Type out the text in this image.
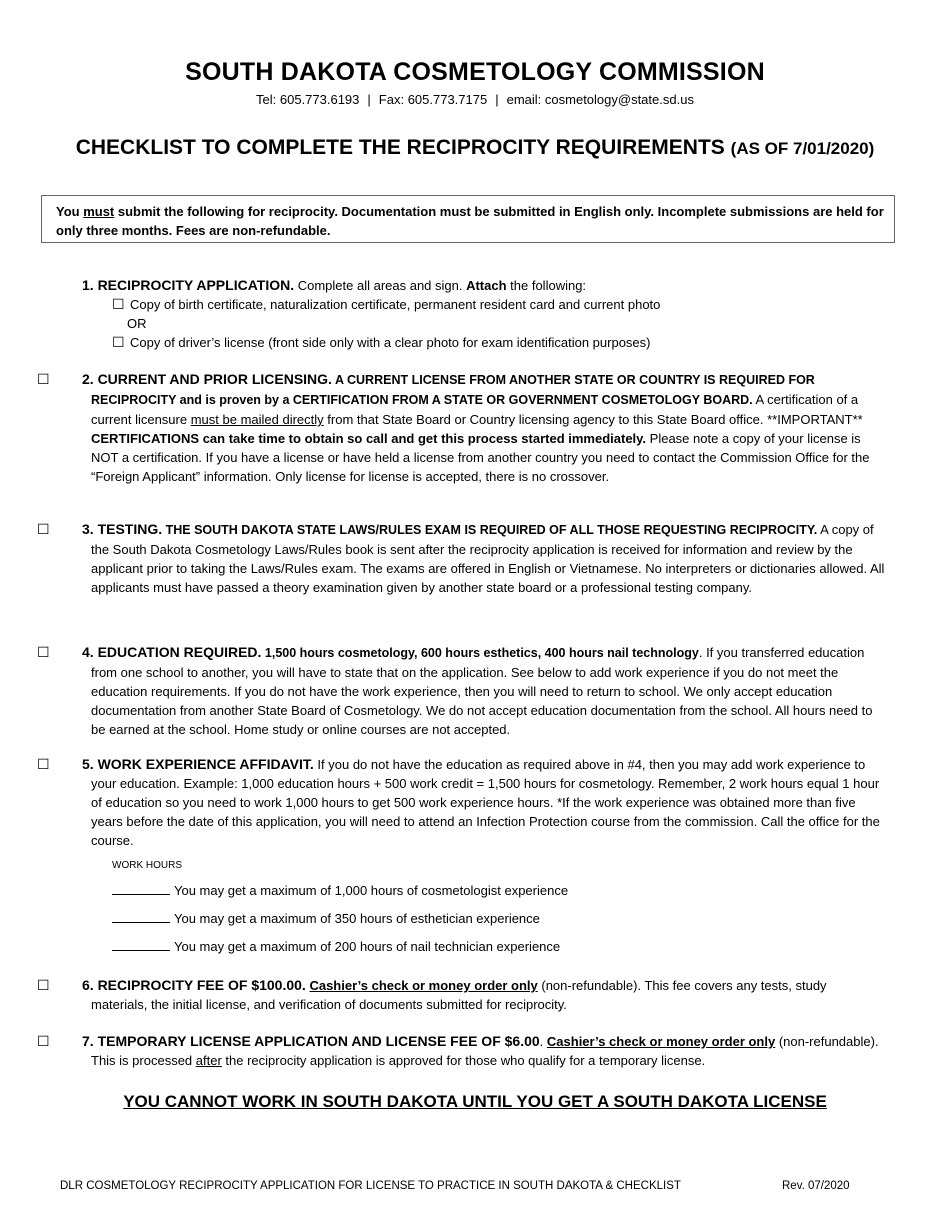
SOUTH DAKOTA COSMETOLOGY COMMISSION
Tel: 605.773.6193 | Fax: 605.773.7175 | email: cosmetology@state.sd.us
CHECKLIST TO COMPLETE THE RECIPROCITY REQUIREMENTS (AS OF 7/01/2020)
You must submit the following for reciprocity. Documentation must be submitted in English only. Incomplete submissions are held for only three months. Fees are non-refundable.
1. RECIPROCITY APPLICATION. Complete all areas and sign. Attach the following:
☐ Copy of birth certificate, naturalization certificate, permanent resident card and current photo
OR
☐ Copy of driver’s license (front side only with a clear photo for exam identification purposes)

☐ 2. CURRENT AND PRIOR LICENSING. A CURRENT LICENSE FROM ANOTHER STATE OR COUNTRY IS REQUIRED FOR RECIPROCITY and is proven by a CERTIFICATION FROM A STATE OR GOVERNMENT COSMETOLOGY BOARD. A certification of a current licensure must be mailed directly from that State Board or Country licensing agency to this State Board office. **IMPORTANT** CERTIFICATIONS can take time to obtain so call and get this process started immediately. Please note a copy of your license is NOT a certification. If you have a license or have held a license from another country you need to contact the Commission Office for the “Foreign Applicant” information. Only license for license is accepted, there is no crossover.

☐ 3. TESTING. THE SOUTH DAKOTA STATE LAWS/RULES EXAM IS REQUIRED OF ALL THOSE REQUESTING RECIPROCITY. A copy of the South Dakota Cosmetology Laws/Rules book is sent after the reciprocity application is received for information and review by the applicant prior to taking the Laws/Rules exam. The exams are offered in English or Vietnamese. No interpreters or dictionaries allowed. All applicants must have passed a theory examination given by another state board or a professional testing company.

☐ 4. EDUCATION REQUIRED. 1,500 hours cosmetology, 600 hours esthetics, 400 hours nail technology. If you transferred education from one school to another, you will have to state that on the application. See below to add work experience if you do not meet the education requirements. If you do not have the work experience, then you will need to return to school. We only accept education documentation from another State Board of Cosmetology. We do not accept education documentation from the school. All hours need to be earned at the school. Home study or online courses are not accepted.

☐ 5. WORK EXPERIENCE AFFIDAVIT. If you do not have the education as required above in #4, then you may add work experience to your education. Example: 1,000 education hours + 500 work credit = 1,500 hours for cosmetology. Remember, 2 work hours equal 1 hour of education so you need to work 1,000 hours to get 500 work experience hours. *If the work experience was obtained more than five years before the date of this application, you will need to attend an Infection Protection course from the commission. Call the office for the course.

WORK HOURS
You may get a maximum of 1,000 hours of cosmetologist experience
You may get a maximum of 350 hours of esthetician experience
You may get a maximum of 200 hours of nail technician experience

☐ 6. RECIPROCITY FEE OF $100.00. Cashier’s check or money order only (non-refundable). This fee covers any tests, study materials, the initial license, and verification of documents submitted for reciprocity.

☐ 7. TEMPORARY LICENSE APPLICATION AND LICENSE FEE OF $6.00. Cashier’s check or money order only (non-refundable). This is processed after the reciprocity application is approved for those who qualify for a temporary license.

YOU CANNOT WORK IN SOUTH DAKOTA UNTIL YOU GET A SOUTH DAKOTA LICENSE
DLR COSMETOLOGY RECIPROCITY APPLICATION FOR LICENSE TO PRACTICE IN SOUTH DAKOTA & CHECKLIST	Rev. 07/2020
